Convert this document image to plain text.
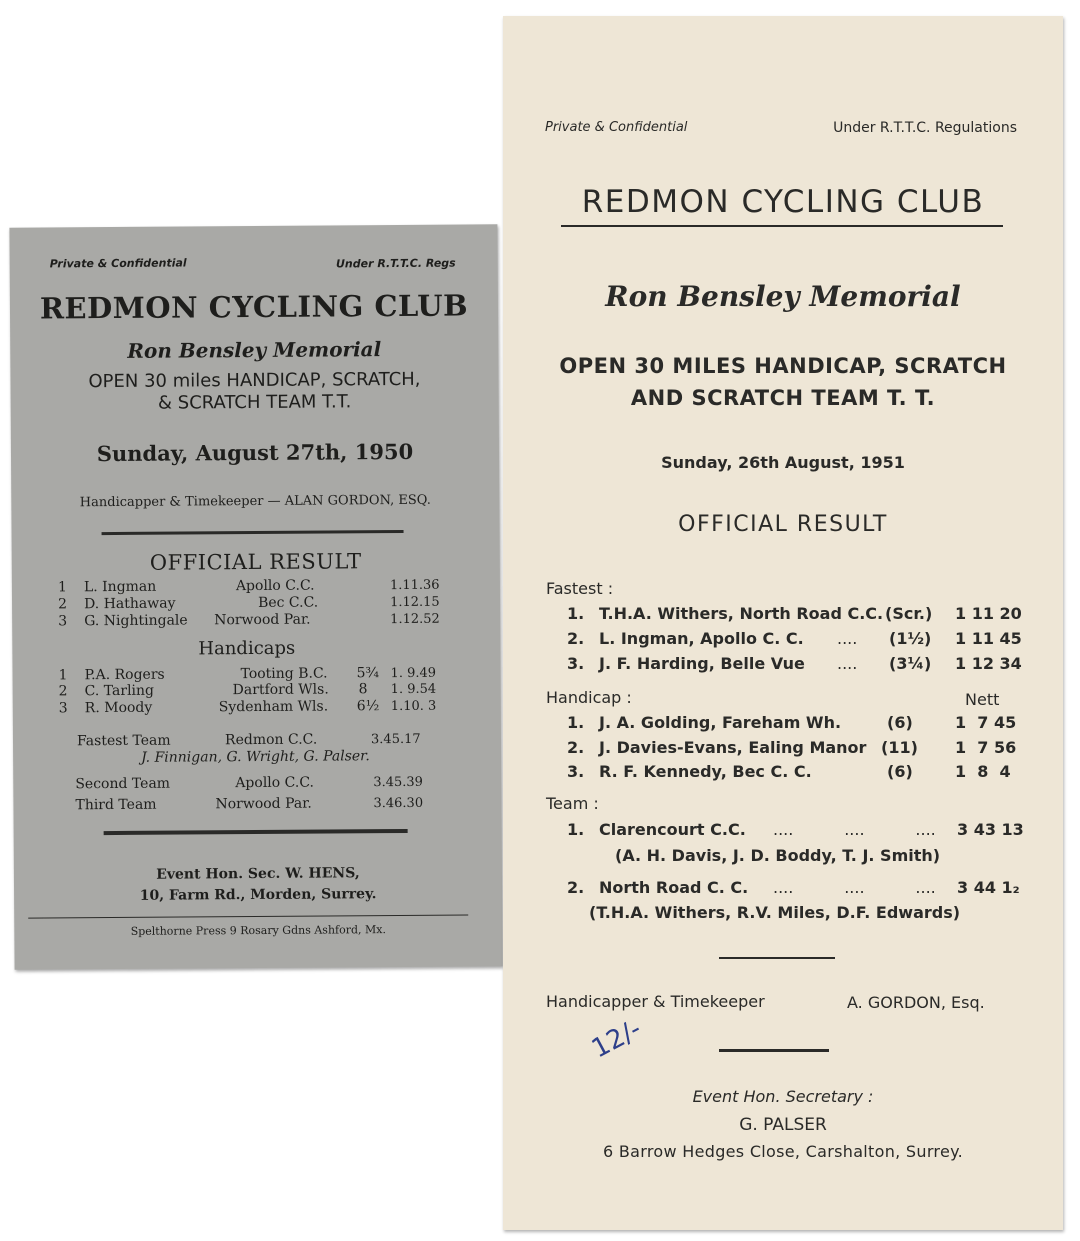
Private & Confidential	Under R.T.T.C. Regs
REDMON CYCLING CLUB
Ron Bensley Memorial
OPEN 30 miles HANDICAP, SCRATCH,
& SCRATCH TEAM T.T.
Sunday, August 27th, 1950
Handicapper & Timekeeper — ALAN GORDON, ESQ.
OFFICIAL RESULT
1 L. Ingman	Apollo C.C.	1.11.36
2 D. Hathaway	Bec C.C.	1.12.15
3 G. Nightingale Norwood Par.	1.12.52
Handicaps
1 P.A. Rogers	Tooting B.C. 5¾ 1. 9.49
2 C. Tarling	Dartford Wls. 8 1. 9.54
3 R. Moody	Sydenham Wls. 6½ 1.10. 3
Fastest Team	Redmon C.C.	3.45.17
J. Finnigan, G. Wright, G. Palser.
Second Team	Apollo C.C.	3.45.39
Third Team	Norwood Par.	3.46.30
Event Hon. Sec. W. HENS,
10, Farm Rd., Morden, Surrey.
Spelthorne Press 9 Rosary Gdns Ashford, Mx.
Private & Confidential	Under R.T.T.C. Regulations
REDMON CYCLING CLUB
Ron Bensley Memorial
OPEN 30 MILES HANDICAP, SCRATCH
AND SCRATCH TEAM T. T.
Sunday, 26th August, 1951
OFFICIAL RESULT
Fastest :
1. T.H.A. Withers, North Road C.C. (Scr.) 1 11 20
2. L. Ingman, Apollo C. C. .... (1½) 1 11 45
3. J. F. Harding, Belle Vue .... (3¼) 1 12 34
Handicap :	Nett
1. J. A. Golding, Fareham Wh.	(6)	1  7 45
2. J. Davies-Evans, Ealing Manor (11) 1  7 56
3. R. F. Kennedy, Bec C. C.	(6)	1  8  4
Team :
1. Clarencourt C.C. ....          ....          .... 3 43 13
(A. H. Davis, J. D. Boddy, T. J. Smith)
2. North Road C. C. ....          ....          .... 3 44 1₂
(T.H.A. Withers, R.V. Miles, D.F. Edwards)
Handicapper & Timekeeper	A. GORDON, Esq.
12/-
Event Hon. Secretary :
G. PALSER
6 Barrow Hedges Close, Carshalton, Surrey.
